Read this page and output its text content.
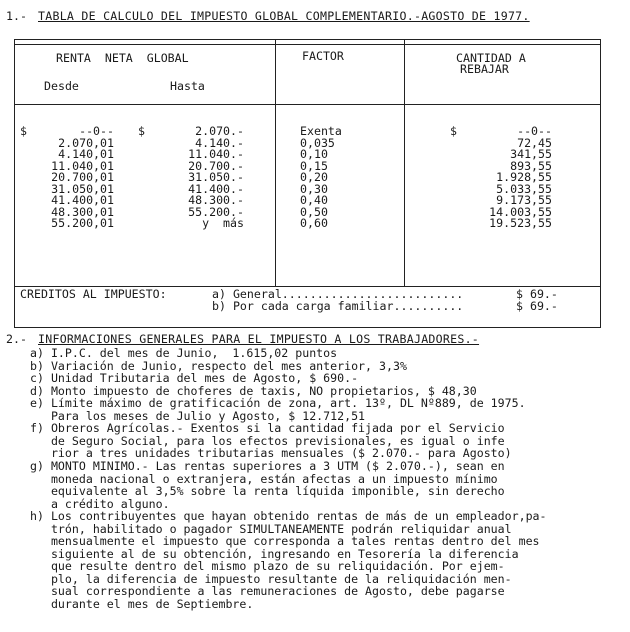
1.- TABLA DE CALCULO DEL IMPUESTO GLOBAL COMPLEMENTARIO.-AGOSTO DE 1977.
RENTA  NETA  GLOBAL
Desde	Hasta
FACTOR	CANTIDAD A
REBAJAR
$	--0-- $	2.070.-	Exenta	$	--0--
2.070,01	4.140.-	0,035	72,45
4.140,01	11.040.-	0,10	341,55
11.040,01	20.700.-	0,15	893,55
20.700,01	31.050.-	0,20	1.928,55
31.050,01	41.400.-	0,30	5.033,55
41.400,01	48.300.-	0,40	9.173,55
48.300,01	55.200.-	0,50	14.003,55
55.200,01	y  más	0,60	19.523,55
CREDITOS AL IMPUESTO:	a) General..........................	$ 69.-
b) Por cada carga familiar..........	$ 69.-
2.- INFORMACIONES GENERALES PARA EL IMPUESTO A LOS TRABAJADORES.-
a) I.P.C. del mes de Junio,  1.615,02 puntos
b) Variación de Junio, respecto del mes anterior, 3,3%
c) Unidad Tributaria del mes de Agosto, $ 690.-
d) Monto impuesto de choferes de taxis, NO propietarios, $ 48,30
e) Límite máximo de gratificación de zona, art. 13º, DL Nº889, de 1975.
Para los meses de Julio y Agosto, $ 12.712,51
f) Obreros Agrícolas.- Exentos si la cantidad fijada por el Servicio
de Seguro Social, para los efectos previsionales, es igual o infe
rior a tres unidades tributarias mensuales ($ 2.070.- para Agosto)
g) MONTO MINIMO.- Las rentas superiores a 3 UTM ($ 2.070.-), sean en
moneda nacional o extranjera, están afectas a un impuesto mínimo
equivalente al 3,5% sobre la renta líquida imponible, sin derecho
a crédito alguno.
h) Los contribuyentes que hayan obtenido rentas de más de un empleador,pa-
trón, habilitado o pagador SIMULTANEAMENTE podrán reliquidar anual
mensualmente el impuesto que corresponda a tales rentas dentro del mes
siguiente al de su obtención, ingresando en Tesorería la diferencia
que resulte dentro del mismo plazo de su reliquidación. Por ejem-
plo, la diferencia de impuesto resultante de la reliquidación men-
sual correspondiente a las remuneraciones de Agosto, debe pagarse
durante el mes de Septiembre.
